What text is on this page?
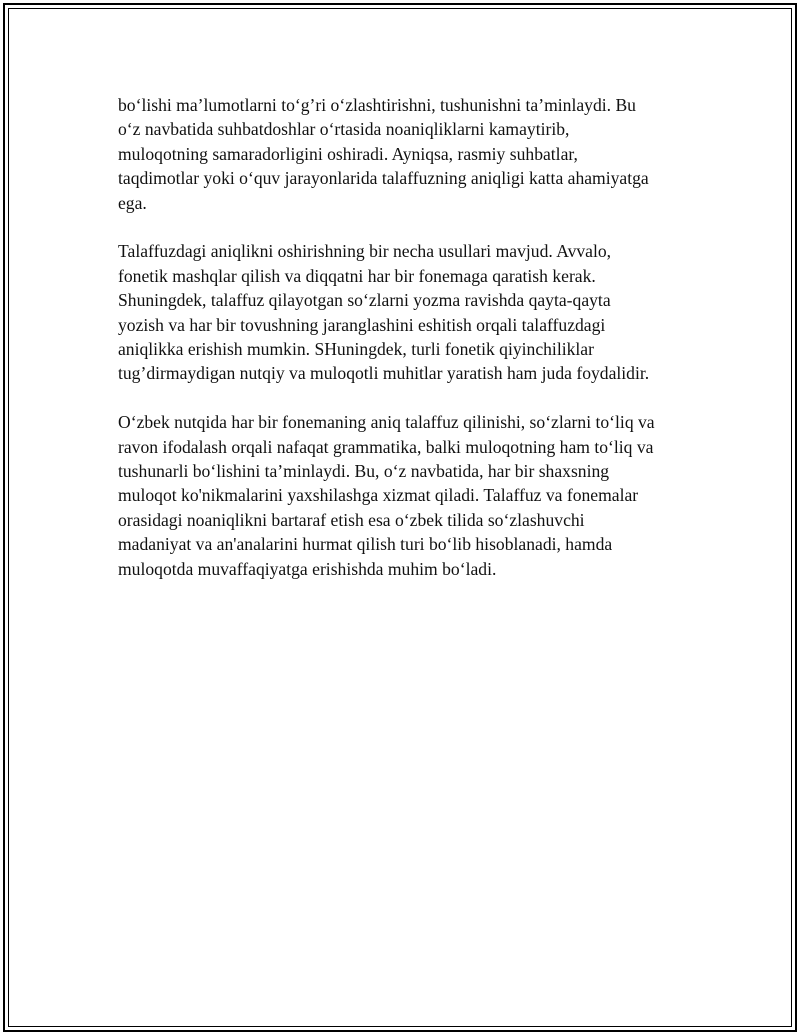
bo‘lishi ma’lumotlarni to‘g’ri o‘zlashtirishni, tushunishni ta’minlaydi. Bu
o‘z navbatida suhbatdoshlar o‘rtasida noaniqliklarni kamaytirib,
muloqotning samaradorligini oshiradi. Ayniqsa, rasmiy suhbatlar,
taqdimotlar yoki o‘quv jarayonlarida talaffuzning aniqligi katta ahamiyatga
ega.

Talaffuzdagi aniqlikni oshirishning bir necha usullari mavjud. Avvalo,
fonetik mashqlar qilish va diqqatni har bir fonemaga qaratish kerak.
Shuningdek, talaffuz qilayotgan so‘zlarni yozma ravishda qayta-qayta
yozish va har bir tovushning jaranglashini eshitish orqali talaffuzdagi
aniqlikka erishish mumkin. SHuningdek, turli fonetik qiyinchiliklar
tug’dirmaydigan nutqiy va muloqotli muhitlar yaratish ham juda foydalidir.

O‘zbek nutqida har bir fonemaning aniq talaffuz qilinishi, so‘zlarni to‘liq va
ravon ifodalash orqali nafaqat grammatika, balki muloqotning ham to‘liq va
tushunarli bo‘lishini ta’minlaydi. Bu, o‘z navbatida, har bir shaxsning
muloqot ko'nikmalarini yaxshilashga xizmat qiladi. Talaffuz va fonemalar
orasidagi noaniqlikni bartaraf etish esa o‘zbek tilida so‘zlashuvchi
madaniyat va an'analarini hurmat qilish turi bo‘lib hisoblanadi, hamda
muloqotda muvaffaqiyatga erishishda muhim bo‘ladi.
